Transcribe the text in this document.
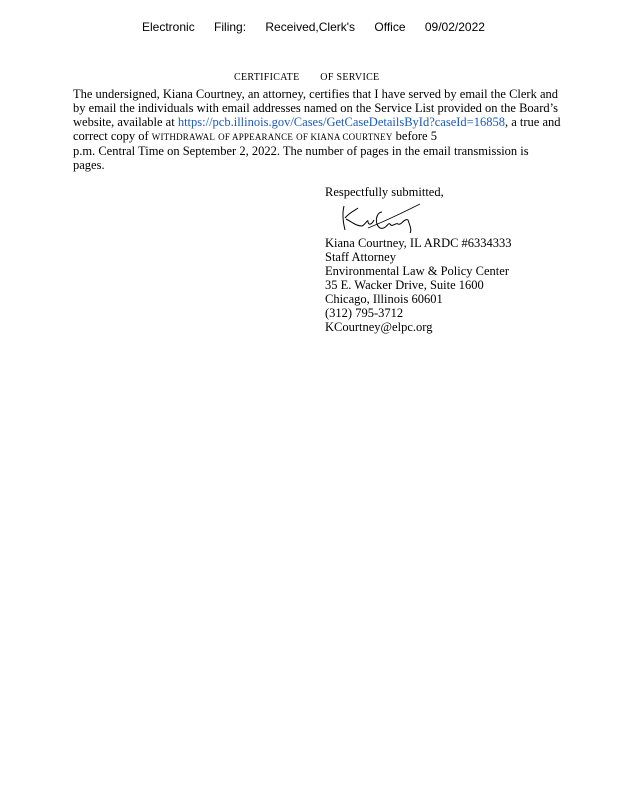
Electronic Filing: Received,Clerk's Office 09/02/2022
CERTIFICATE OF SERVICE
The undersigned, Kiana Courtney, an attorney, certifies that I have served by email the Clerk and
by email the individuals with email addresses named on the Service List provided on the Board’s
website, available at https://pcb.illinois.gov/Cases/GetCaseDetailsById?caseId=16858, a true and
correct copy of WITHDRAWAL OF APPEARANCE OF KIANA COURTNEY before 5
p.m. Central Time on September 2, 2022. The number of pages in the email transmission is
pages.
Respectfully submitted,
Kiana Courtney, IL ARDC #6334333
Staff Attorney
Environmental Law & Policy Center
35 E. Wacker Drive, Suite 1600
Chicago, Illinois 60601
(312) 795-3712
KCourtney@elpc.org
